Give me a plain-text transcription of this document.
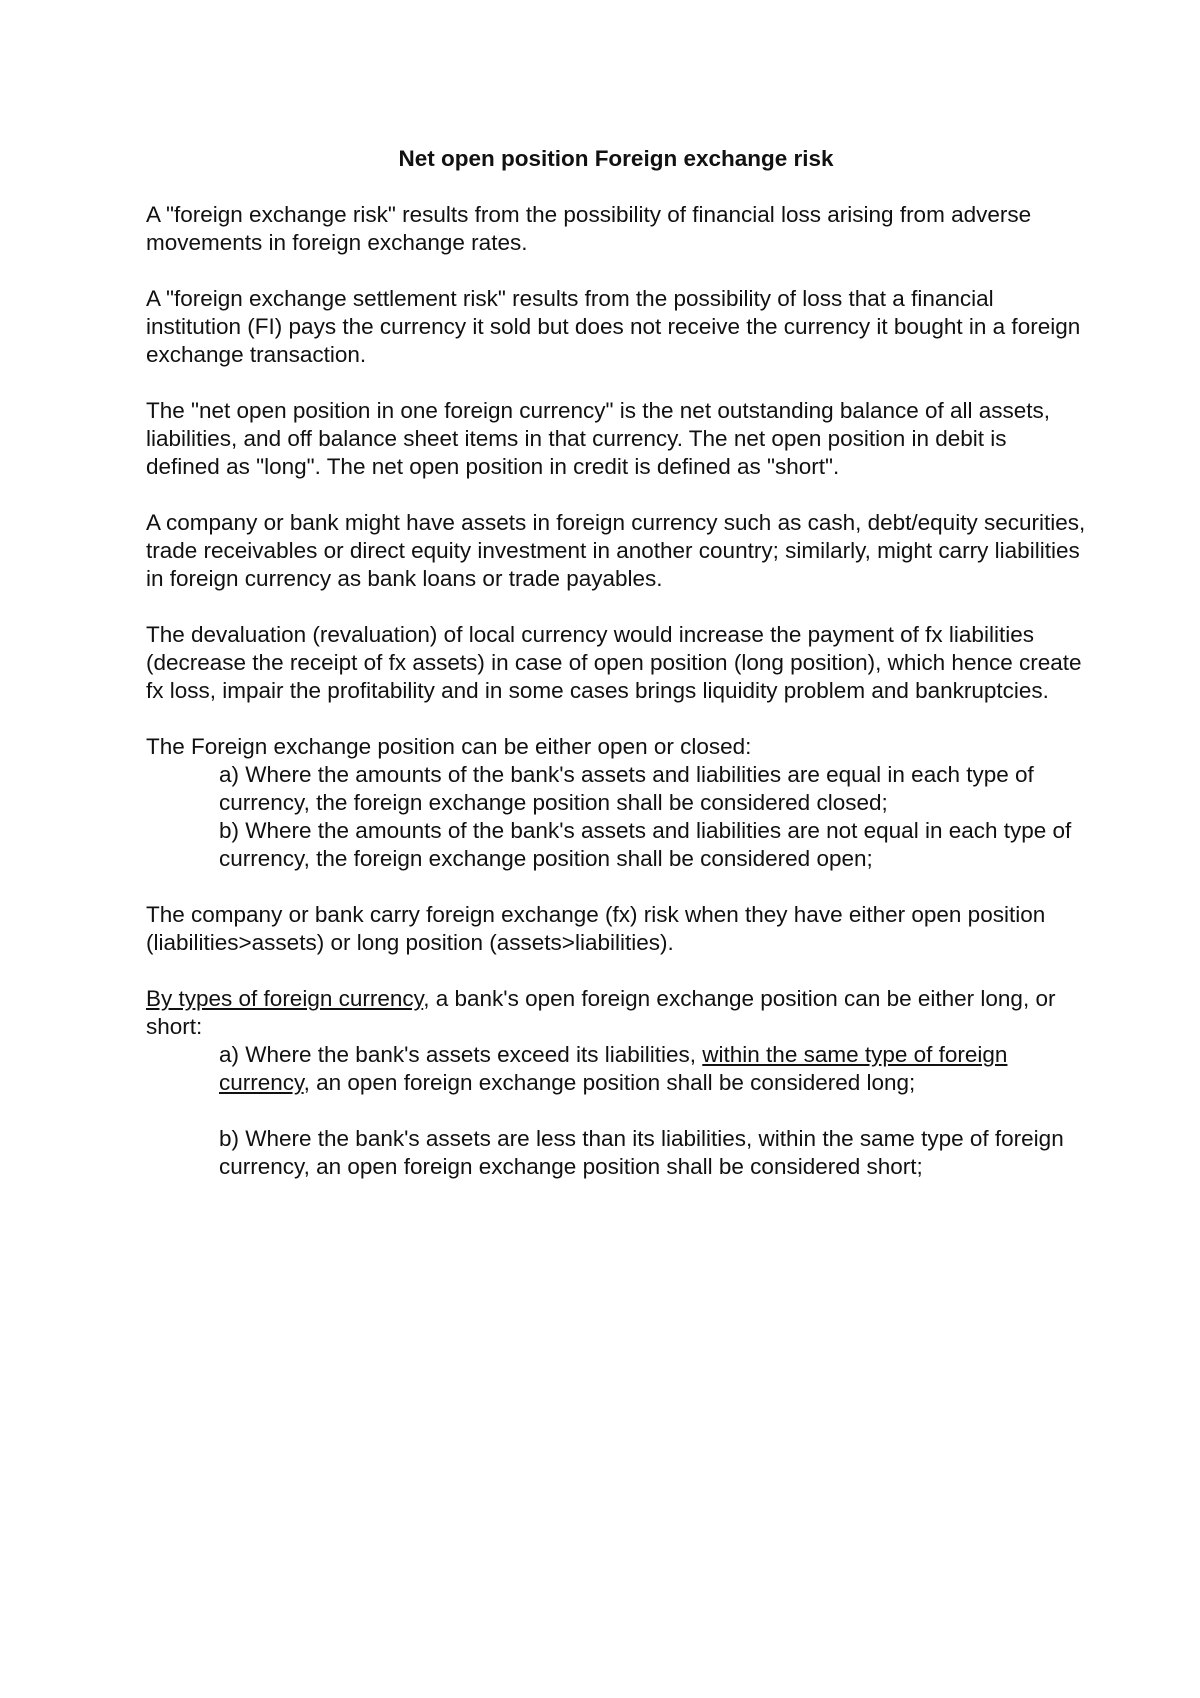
Net open position Foreign exchange risk

A "foreign exchange risk" results from the possibility of financial loss arising from adverse movements in foreign exchange rates.

A "foreign exchange settlement risk" results from the possibility of loss that a financial institution (FI) pays the currency it sold but does not receive the currency it bought in a foreign exchange transaction.

The "net open position in one foreign currency" is the net outstanding balance of all assets, liabilities, and off balance sheet items in that currency. The net open position in debit is defined as "long". The net open position in credit is defined as "short".

A company or bank might have assets in foreign currency such as cash, debt/equity securities, trade receivables or direct equity investment in another country; similarly, might carry liabilities in foreign currency as bank loans or trade payables.

The devaluation (revaluation) of local currency would increase the payment of fx liabilities (decrease the receipt of fx assets) in case of open position (long position), which hence create fx loss, impair the profitability and in some cases brings liquidity problem and bankruptcies.

The Foreign exchange position can be either open or closed:
a) Where the amounts of the bank's assets and liabilities are equal in each type of currency, the foreign exchange position shall be considered closed;
b) Where the amounts of the bank's assets and liabilities are not equal in each type of currency, the foreign exchange position shall be considered open;

The company or bank carry foreign exchange (fx) risk when they have either open position (liabilities>assets) or long position (assets>liabilities).

By types of foreign currency, a bank's open foreign exchange position can be either long, or short:
a) Where the bank's assets exceed its liabilities, within the same type of foreign currency, an open foreign exchange position shall be considered long;
b) Where the bank's assets are less than its liabilities, within the same type of foreign currency, an open foreign exchange position shall be considered short;
